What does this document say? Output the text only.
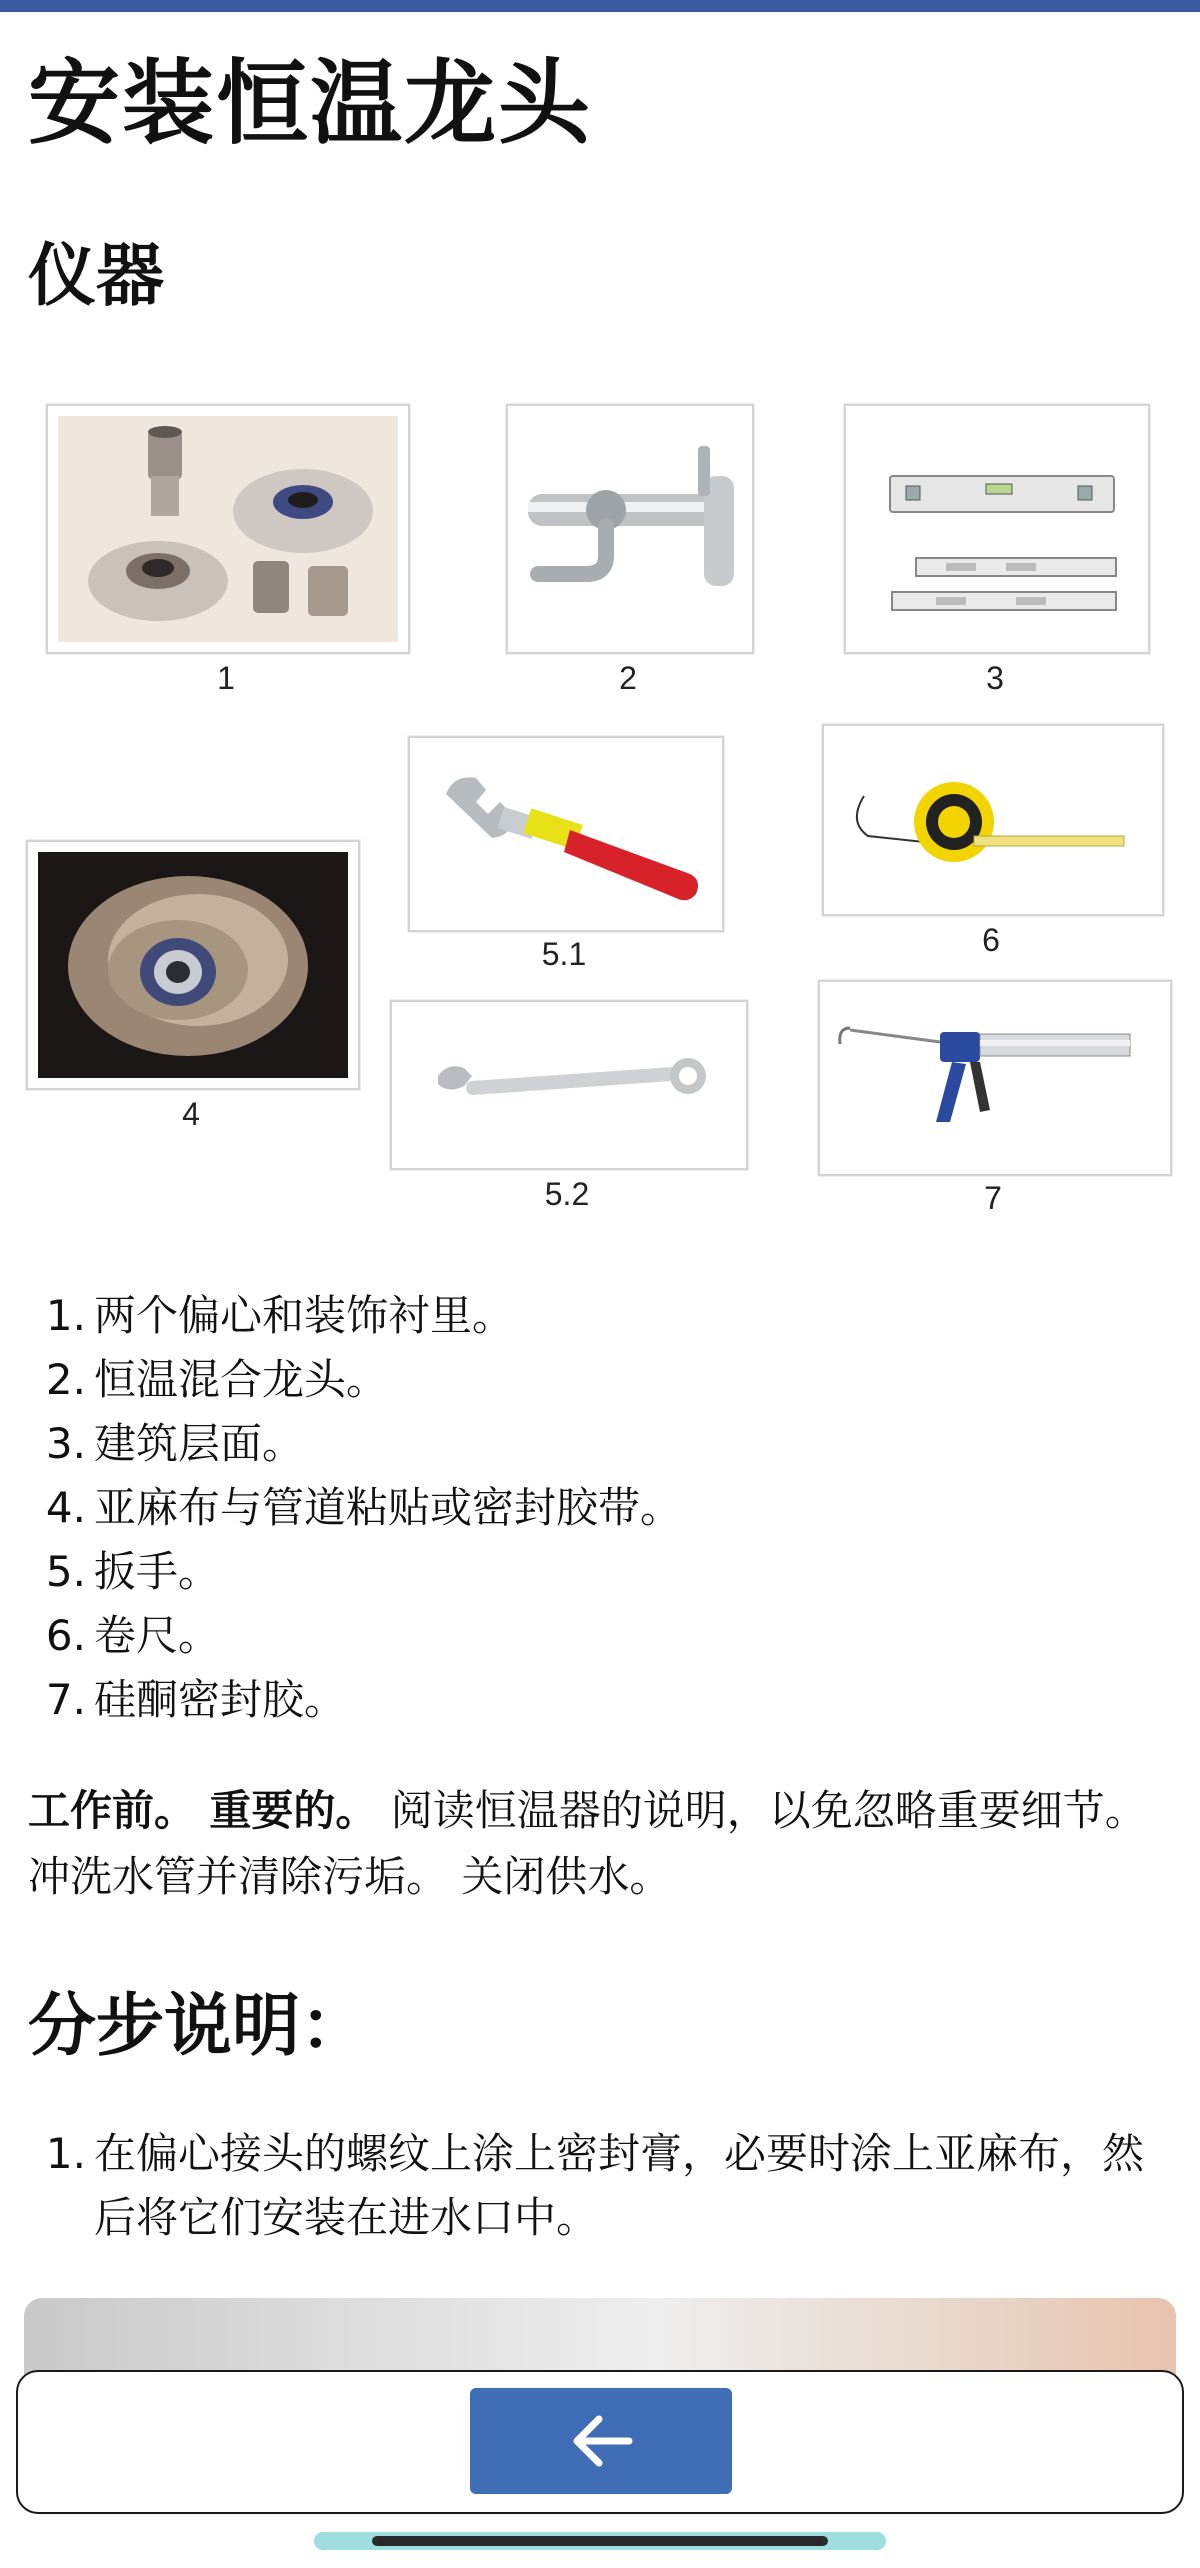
安装恒温龙头
仪器
1	2	3
4
5.1
5.2
6
7
1. 两个偏心和装饰衬里。
2. 恒温混合龙头。
3. 建筑层面。
4. 亚麻布与管道粘贴或密封胶带。
5. 扳手。
6. 卷尺。
7. 硅酮密封胶。
工作前。 重要的。 阅读恒温器的说明，以免忽略重要细节。 冲洗水管并清除污垢。 关闭供水。
分步说明：
1. 在偏心接头的螺纹上涂上密封膏，必要时涂上亚麻布，然后将它们安装在进水口中。
